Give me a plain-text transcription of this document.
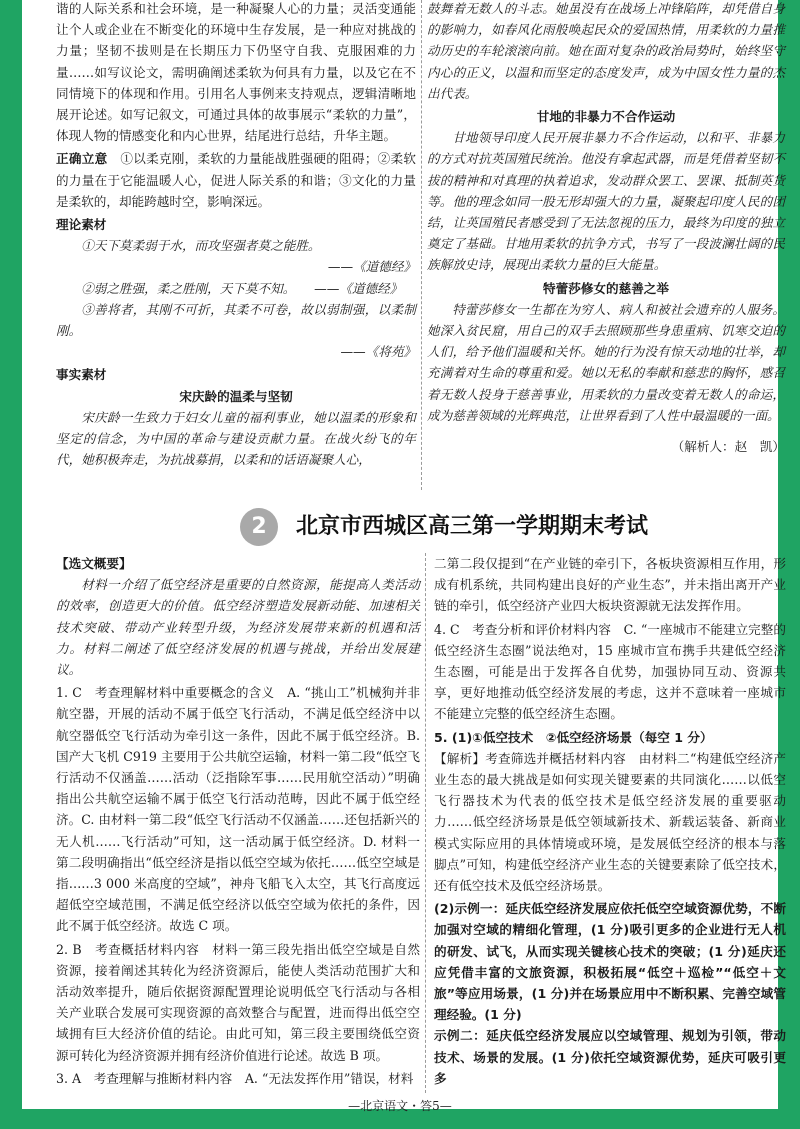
谐的人际关系和社会环境，是一种凝聚人心的力量；灵活变通能让个人或企业在不断变化的环境中生存发展，是一种应对挑战的力量；坚韧不拔则是在长期压力下仍坚守自我、克服困难的力量……如写议论文，需明确阐述柔软为何具有力量，以及它在不同情境下的体现和作用。引用名人事例来支持观点，逻辑清晰地展开论述。如写记叙文，可通过具体的故事展示“柔软的力量”，体现人物的情感变化和内心世界，结尾进行总结，升华主题。

正确立意　 ①以柔克刚，柔软的力量能战胜强硬的阻碍；②柔软的力量在于它能温暖人心，促进人际关系的和谐；③文化的力量是柔软的，却能跨越时空，影响深远。

理论素材

①天下莫柔弱于水，而攻坚强者莫之能胜。

——《道德经》

②弱之胜强，柔之胜刚，天下莫不知。　　 ——《道德经》

③善将者，其刚不可折，其柔不可卷，故以弱制强，以柔制刚。

——《将苑》

事实素材

宋庆龄的温柔与坚韧

宋庆龄一生致力于妇女儿童的福利事业，她以温柔的形象和坚定的信念，为中国的革命与建设贡献力量。在战火纷飞的年代，她积极奔走，为抗战募捐，以柔和的话语凝聚人心，

鼓舞着无数人的斗志。她虽没有在战场上冲锋陷阵，却凭借自身的影响力，如春风化雨般唤起民众的爱国热情，用柔软的力量推动历史的车轮滚滚向前。她在面对复杂的政治局势时，始终坚守内心的正义，以温和而坚定的态度发声，成为中国女性力量的杰出代表。

甘地的非暴力不合作运动

甘地领导印度人民开展非暴力不合作运动，以和平、非暴力的方式对抗英国殖民统治。他没有拿起武器，而是凭借着坚韧不拔的精神和对真理的执着追求，发动群众罢工、罢课、抵制英货等。他的理念如同一股无形却强大的力量，凝聚起印度人民的团结，让英国殖民者感受到了无法忽视的压力，最终为印度的独立奠定了基础。甘地用柔软的抗争方式，书写了一段波澜壮阔的民族解放史诗，展现出柔软力量的巨大能量。

特蕾莎修女的慈善之举

特蕾莎修女一生都在为穷人、病人和被社会遗弃的人服务。她深入贫民窟，用自己的双手去照顾那些身患重病、饥寒交迫的人们，给予他们温暖和关怀。她的行为没有惊天动地的壮举，却充满着对生命的尊重和爱。她以无私的奉献和慈悲的胸怀，感召着无数人投身于慈善事业，用柔软的力量改变着无数人的命运，成为慈善领域的光辉典范，让世界看到了人性中最温暖的一面。

（解析人：赵　凯）

2	北京市西城区高三第一学期期末考试

【选文概要】

材料一介绍了低空经济是重要的自然资源，能提高人类活动的效率，创造更大的价值。低空经济塑造发展新动能、加速相关技术突破、带动产业转型升级，为经济发展带来新的机遇和活力。材料二阐述了低空经济发展的机遇与挑战，并给出发展建议。

1. C　考查理解材料中重要概念的含义　A. “挑山工”机械狗并非航空器，开展的活动不属于低空飞行活动，不满足低空经济中以航空器低空飞行活动为牵引这一条件，因此不属于低空经济。B. 国产大飞机 C919 主要用于公共航空运输，材料一第二段“低空飞行活动不仅涵盖……活动（泛指除军事……民用航空活动）”明确指出公共航空运输不属于低空飞行活动范畴，因此不属于低空经济。C. 由材料一第二段“低空飞行活动不仅涵盖……还包括新兴的无人机……飞行活动”可知，这一活动属于低空经济。D. 材料一第二段明确指出“低空经济是指以低空空域为依托……低空空域是指……3 000 米高度的空域”，神舟飞船飞入太空，其飞行高度远超低空空域范围，不满足低空经济以低空空域为依托的条件，因此不属于低空经济。故选 C 项。

2. B　考查概括材料内容　材料一第三段先指出低空空域是自然资源，接着阐述其转化为经济资源后，能使人类活动范围扩大和活动效率提升，随后依据资源配置理论说明低空飞行活动与各相关产业联合发展可实现资源的高效整合与配置，进而得出低空空域拥有巨大经济价值的结论。由此可知，第三段主要围绕低空资源可转化为经济资源并拥有经济价值进行论述。故选 B 项。

3. A　考查理解与推断材料内容　A. “无法发挥作用”错误，材料

二第二段仅提到“在产业链的牵引下，各板块资源相互作用，形成有机系统，共同构建出良好的产业生态”，并未指出离开产业链的牵引，低空经济产业四大板块资源就无法发挥作用。

4. C　考查分析和评价材料内容　C. “一座城市不能建立完整的低空经济生态圈”说法绝对，15 座城市宣布携手共建低空经济生态圈，可能是出于发挥各自优势，加强协同互动、资源共享，更好地推动低空经济发展的考虑，这并不意味着一座城市不能建立完整的低空经济生态圈。

5. (1)①低空技术　②低空经济场景（每空 1 分）

【解析】考查筛选并概括材料内容　由材料二“构建低空经济产业生态的最大挑战是如何实现关键要素的共同演化……以低空飞行器技术为代表的低空技术是低空经济发展的重要驱动力……低空经济场景是低空领域新技术、新载运装备、新商业模式实际应用的具体情境或环境，是发展低空经济的根本与落脚点”可知，构建低空经济产业生态的关键要素除了低空技术，还有低空技术及低空经济场景。

(2)示例一：延庆低空经济发展应依托低空空域资源优势，不断加强对空域的精细化管理，(1 分)吸引更多的企业进行无人机的研发、试飞，从而实现关键核心技术的突破；(1 分)延庆还应凭借丰富的文旅资源，积极拓展“低空＋巡检”“低空＋文旅”等应用场景，(1 分)并在场景应用中不断积累、完善空域管理经验。(1 分)

示例二：延庆低空经济发展应以空域管理、规划为引领，带动技术、场景的发展。(1 分)依托空域资源优势，延庆可吸引更多

—北京语文・答5—
